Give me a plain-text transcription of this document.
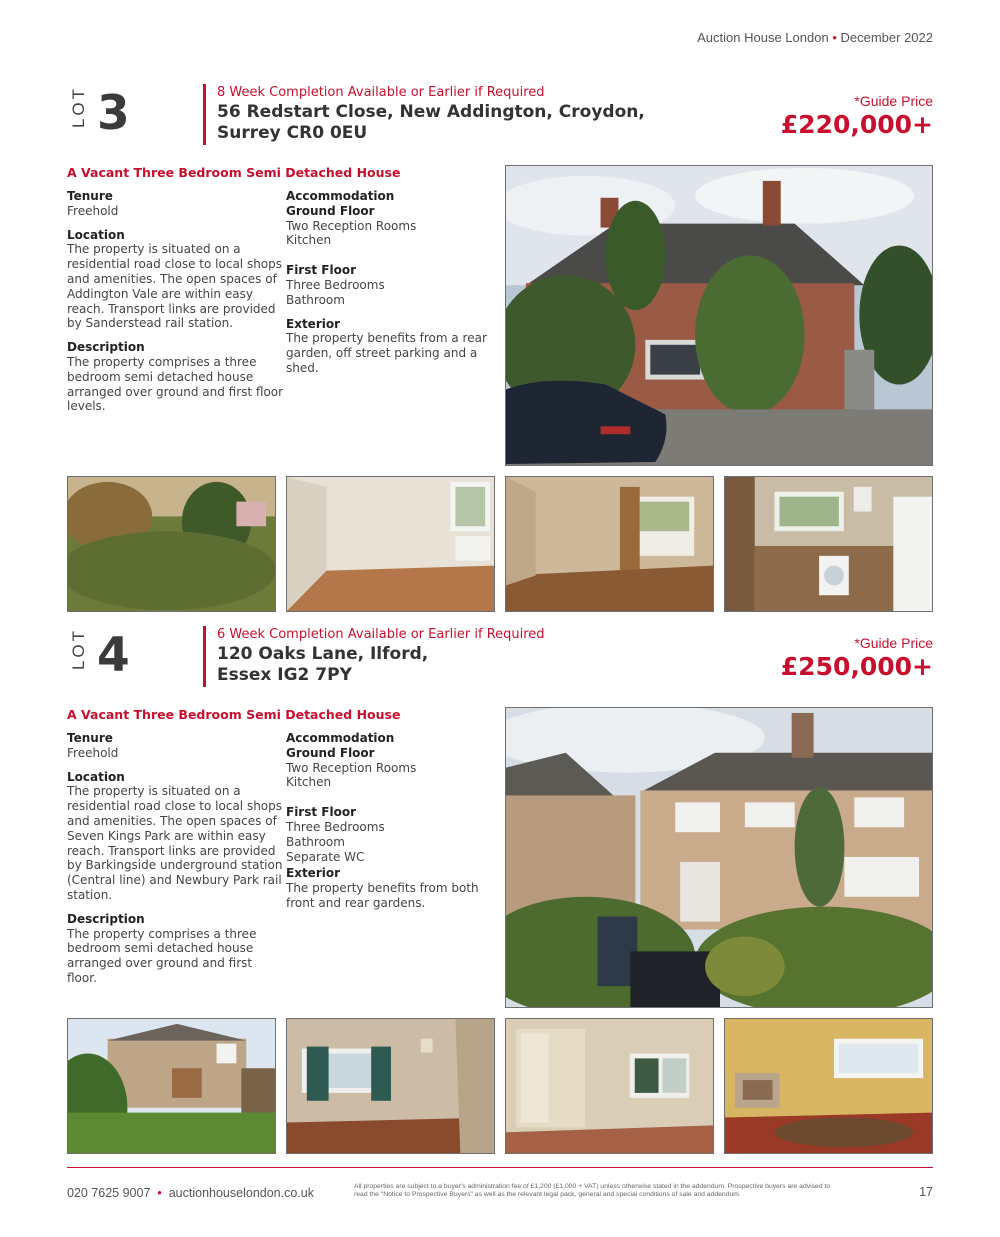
Auction House London • December 2022
LOT 3	8 Week Completion Available or Earlier if Required
56 Redstart Close, New Addington, Croydon,
Surrey CR0 0EU
*Guide Price
£220,000+
A Vacant Three Bedroom Semi Detached House

Tenure

Freehold

Location

The property is situated on a

residential road close to local shops

and amenities. The open spaces of

Addington Vale are within easy

reach. Transport links are provided

by Sanderstead rail station.

Description

The property comprises a three

bedroom semi detached house

arranged over ground and first floor

levels.

Accommodation

Ground Floor

Two Reception Rooms

Kitchen

First Floor

Three Bedrooms

Bathroom

Exterior

The property benefits from a rear

garden, off street parking and a

shed.

LOT 4	6 Week Completion Available or Earlier if Required
120 Oaks Lane, Ilford,
Essex IG2 7PY
*Guide Price
£250,000+
A Vacant Three Bedroom Semi Detached House

Tenure

Freehold

Location

The property is situated on a

residential road close to local shops

and amenities. The open spaces of

Seven Kings Park are within easy

reach. Transport links are provided

by Barkingside underground station

(Central line) and Newbury Park rail

station.

Description

The property comprises a three

bedroom semi detached house

arranged over ground and first

floor.

Accommodation

Ground Floor

Two Reception Rooms

Kitchen

First Floor

Three Bedrooms

Bathroom

Separate WC

Exterior

The property benefits from both

front and rear gardens.

020 7625 9007  •  auctionhouselondon.co.uk	All properties are subject to a buyer's administration fee of £1,200 (£1,000 + VAT) unless otherwise stated in the addendum. Prospective buyers are advised to read the "Notice to Prospective Buyers" as well as the relevant legal pack, general and special conditions of sale and addendum.	17
